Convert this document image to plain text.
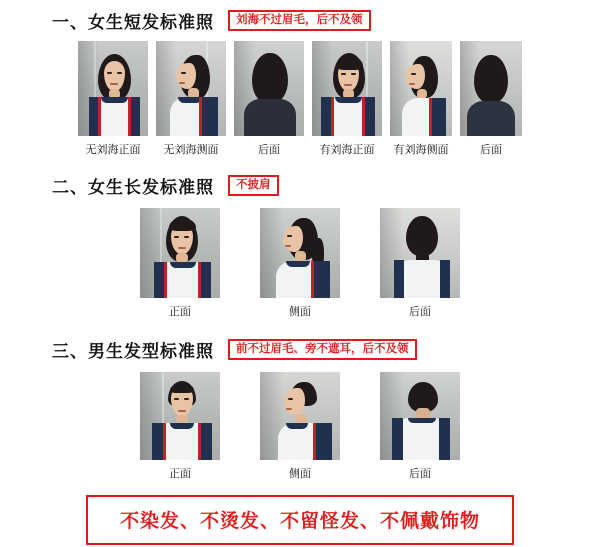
一、女生短发标准照	刘海不过眉毛，后不及领
无刘海正面 无刘海测面	后面	有刘海正面 有刘海侧面	后面
二、女生长发标准照	不披肩
正面	侧面	后面
三、男生发型标准照	前不过眉毛、旁不遮耳，后不及领
正面	侧面	后面
不染发、不烫发、不留怪发、不佩戴饰物
